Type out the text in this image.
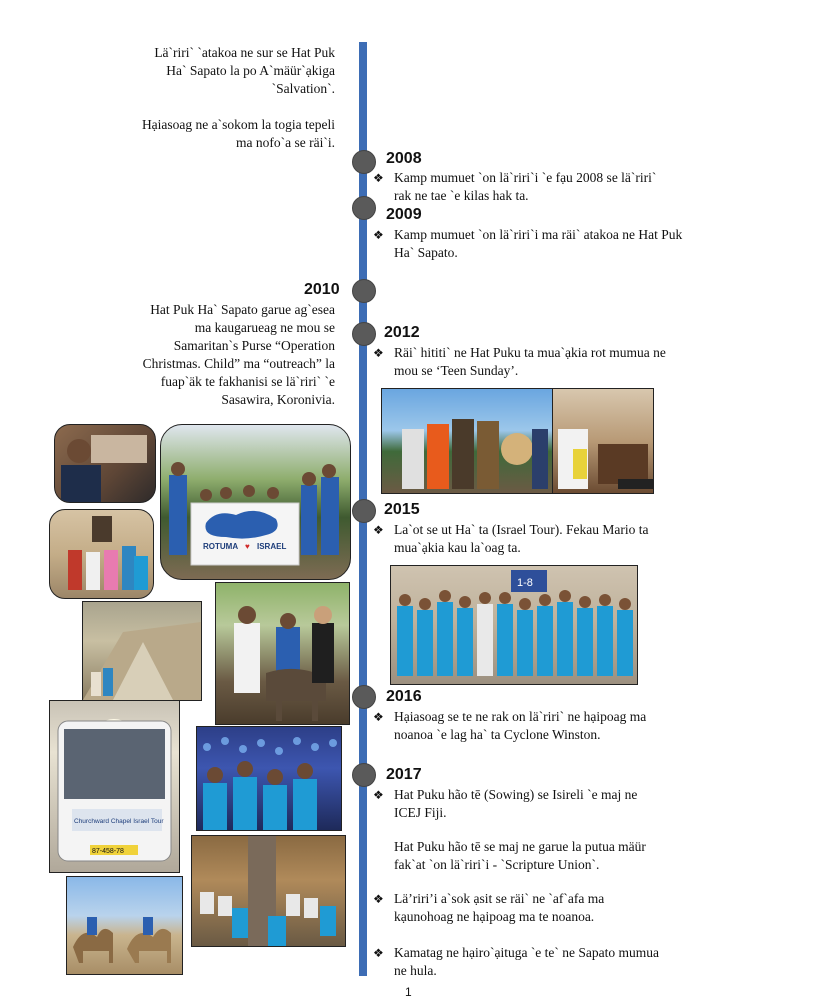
Lä`riri` `atakoa ne sur se Hat Puk
Ha` Sapato la po A`mäür`ạkiga
`Salvation`.
Hạiasoag ne a`sokom la togia tepeli
ma nofo`a se räi`i.
2008
❖ Kamp mumuet `on lä`riri`i `e fạu 2008 se lä`riri`
rak ne tae `e kilas hak ta.
2009
❖ Kamp mumuet `on lä`riri`i ma räi` atakoa ne Hat Puk
Ha` Sapato.
2010
Hat Puk Ha` Sapato garue ag`esea
ma kaugarueag ne mou se
Samaritan`s Purse “Operation
Christmas. Child” ma “outreach” la
fuap`äk te fakhanisi se lä`riri` `e
Sasawira, Koronivia.
2012
❖ Räi` hititi` ne Hat Puku ta mua`ạkia rot mumua ne
mou se ‘Teen Sunday’.
2015
❖ La`ot se ut Ha` ta (Israel Tour). Fekau Mario ta
mua`ạkia kau la`oag ta.
1-8
2016
❖ Hạiasoag se te ne rak on lä`riri` ne hạipoag ma
noanoa `e lag ha` ta Cyclone Winston.
2017
❖ Hat Puku hão tē (Sowing) se Isireli `e maj ne
ICEJ Fiji.
Hat Puku hão tē se maj ne garue la putua mäür
fak`at `on lä`riri`i - `Scripture Union`.
❖ Lä’riri’i a`sok ạsit se räi` ne `af`afa ma
kạunohoag ne hạipoag ma te noanoa.
❖ Kamatag ne hạiro`ạituga `e te` ne Sapato mumua
ne hula.
ROTUMA ISRAEL
♥
Churchward Chapel Israel Tour
87-458-78
1
